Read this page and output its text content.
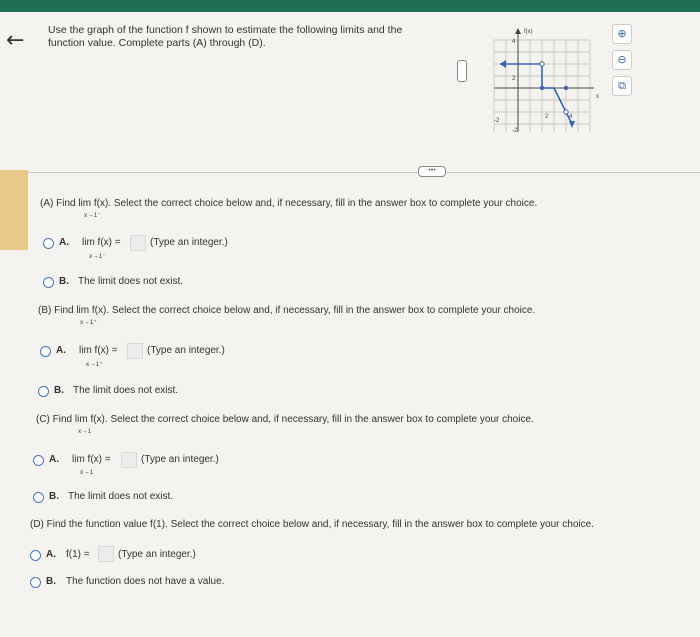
← Use the graph of the function f shown to estimate the following limits and the function value. Complete parts (A) through (D).
f(x)
x
4
2
-2
-2
2	4
⊕
⊖
⧉
•••
(A) Find lim f(x). Select the correct choice below and, if necessary, fill in the answer box to complete your choice.
x→1⁻
A. lim f(x) =
x→1⁻
(Type an integer.)
B. The limit does not exist.
(B) Find lim f(x). Select the correct choice below and, if necessary, fill in the answer box to complete your choice.
x→1⁺
A. lim f(x) =
x→1⁺
(Type an integer.)
B. The limit does not exist.
(C) Find lim f(x). Select the correct choice below and, if necessary, fill in the answer box to complete your choice.
x→1
A. lim f(x) =
x→1
(Type an integer.)
B. The limit does not exist.
(D) Find the function value f(1). Select the correct choice below and, if necessary, fill in the answer box to complete your choice.
A. f(1) =	(Type an integer.)
B. The function does not have a value.
